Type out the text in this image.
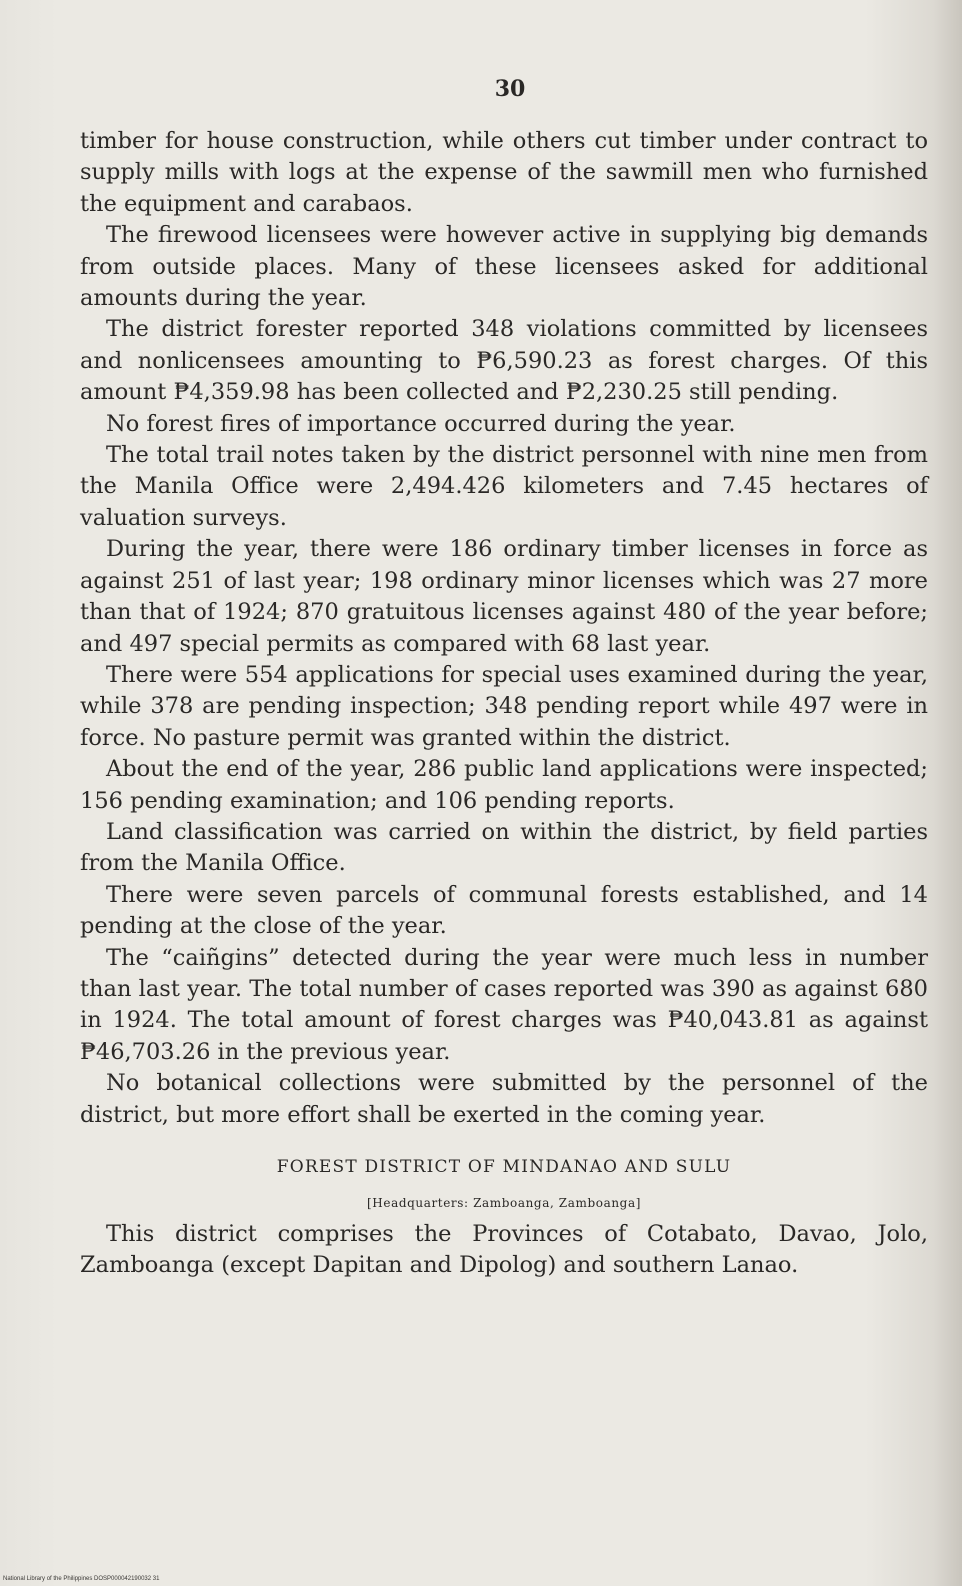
30

timber for house construction, while others cut timber under contract to supply mills with logs at the expense of the sawmill men who furnished the equipment and carabaos.

The firewood licensees were however active in supplying big demands from outside places. Many of these licensees asked for additional amounts during the year.

The district forester reported 348 violations committed by licensees and nonlicensees amounting to ₱6,590.23 as forest charges. Of this amount ₱4,359.98 has been collected and ₱2,230.25 still pending.

No forest fires of importance occurred during the year.

The total trail notes taken by the district personnel with nine men from the Manila Office were 2,494.426 kilometers and 7.45 hectares of valuation surveys.

During the year, there were 186 ordinary timber licenses in force as against 251 of last year; 198 ordinary minor licenses which was 27 more than that of 1924; 870 gratuitous licenses against 480 of the year before; and 497 special permits as compared with 68 last year.

There were 554 applications for special uses examined during the year, while 378 are pending inspection; 348 pending report while 497 were in force. No pasture permit was granted within the district.

About the end of the year, 286 public land applications were inspected; 156 pending examination; and 106 pending reports.

Land classification was carried on within the district, by field parties from the Manila Office.

There were seven parcels of communal forests established, and 14 pending at the close of the year.

The “caiñgins” detected during the year were much less in number than last year. The total number of cases reported was 390 as against 680 in 1924. The total amount of forest charges was ₱40,043.81 as against ₱46,703.26 in the previous year.

No botanical collections were submitted by the personnel of the district, but more effort shall be exerted in the coming year.

FOREST DISTRICT OF MINDANAO AND SULU
[Headquarters: Zamboanga, Zamboanga]

This district comprises the Provinces of Cotabato, Davao, Jolo, Zamboanga (except Dapitan and Dipolog) and southern Lanao.

National Library of the Philippines DOSP000042190032 31
